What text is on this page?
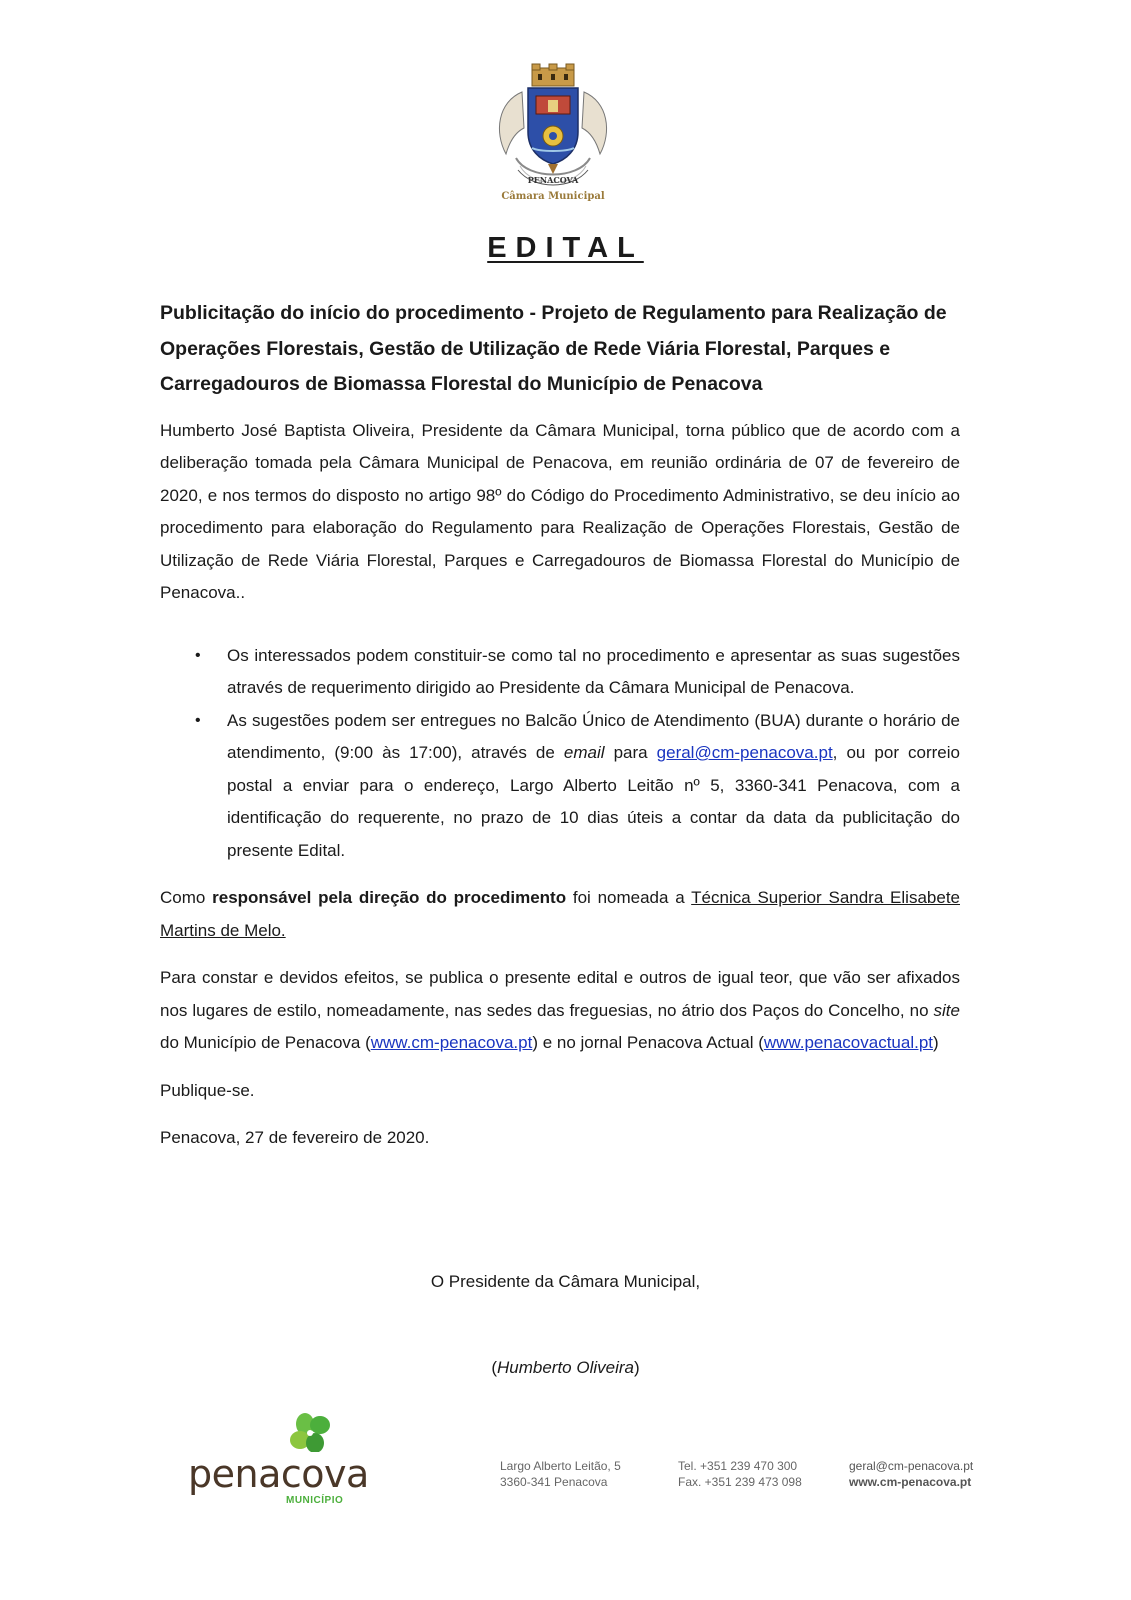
PENACOVA
Câmara Municipal
EDITAL

Publicitação do início do procedimento - Projeto de Regulamento para Realização de Operações Florestais, Gestão de Utilização de Rede Viária Florestal, Parques e Carregadouros de Biomassa Florestal do Município de Penacova

Humberto José Baptista Oliveira, Presidente da Câmara Municipal, torna público que de acordo com a deliberação tomada pela Câmara Municipal de Penacova, em reunião ordinária de 07 de fevereiro de 2020, e nos termos do disposto no artigo 98º do Código do Procedimento Administrativo, se deu início ao procedimento para elaboração do Regulamento para Realização de Operações Florestais, Gestão de Utilização de Rede Viária Florestal, Parques e Carregadouros de Biomassa Florestal do Município de Penacova..

• Os interessados podem constituir-se como tal no procedimento e apresentar as suas sugestões através de requerimento dirigido ao Presidente da Câmara Municipal de Penacova.
• As sugestões podem ser entregues no Balcão Único de Atendimento (BUA) durante o horário de atendimento, (9:00 às 17:00), através de email para geral@cm-penacova.pt, ou por correio postal a enviar para o endereço, Largo Alberto Leitão nº 5, 3360-341 Penacova, com a identificação do requerente, no prazo de 10 dias úteis a contar da data da publicitação do presente Edital.

Como responsável pela direção do procedimento foi nomeada a Técnica Superior Sandra Elisabete Martins de Melo.

Para constar e devidos efeitos, se publica o presente edital e outros de igual teor, que vão ser afixados nos lugares de estilo, nomeadamente, nas sedes das freguesias, no átrio dos Paços do Concelho, no site do Município de Penacova (www.cm-penacova.pt) e no jornal Penacova Actual (www.penacovactual.pt)

Publique-se.

Penacova, 27 de fevereiro de 2020.

O Presidente da Câmara Municipal,
(Humberto Oliveira)
penacova
MUNICÍPIO
Largo Alberto Leitão, 5
3360-341 Penacova
Tel. +351 239 470 300
Fax. +351 239 473 098
geral@cm-penacova.pt
www.cm-penacova.pt
